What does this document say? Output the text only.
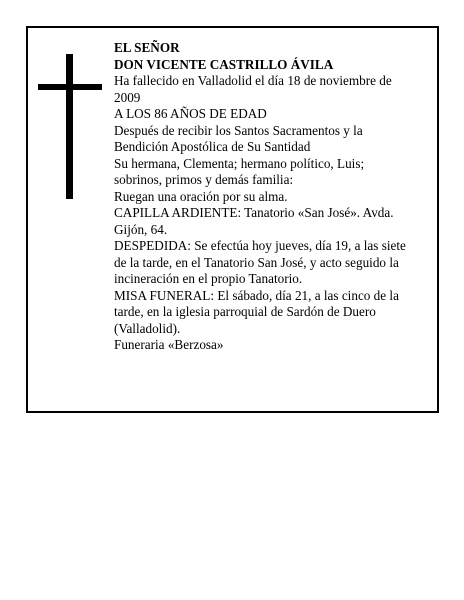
EL SEÑOR

DON VICENTE CASTRILLO ÁVILA

Ha fallecido en Valladolid el día 18 de noviembre de 2009

A LOS 86 AÑOS DE EDAD

Después de recibir los Santos Sacramentos y la Bendición Apostólica de Su Santidad

Su hermana, Clementa; hermano político, Luis; sobrinos, primos y demás familia:

Ruegan una oración por su alma.

CAPILLA ARDIENTE: Tanatorio «San José». Avda. Gijón, 64.

DESPEDIDA: Se efectúa hoy jueves, día 19, a las siete de la tarde, en el Tanatorio San José, y acto seguido la incineración en el propio Tanatorio.

MISA FUNERAL: El sábado, día 21, a las cinco de la tarde, en la iglesia parroquial de Sardón de Duero (Valladolid).

Funeraria «Berzosa»
